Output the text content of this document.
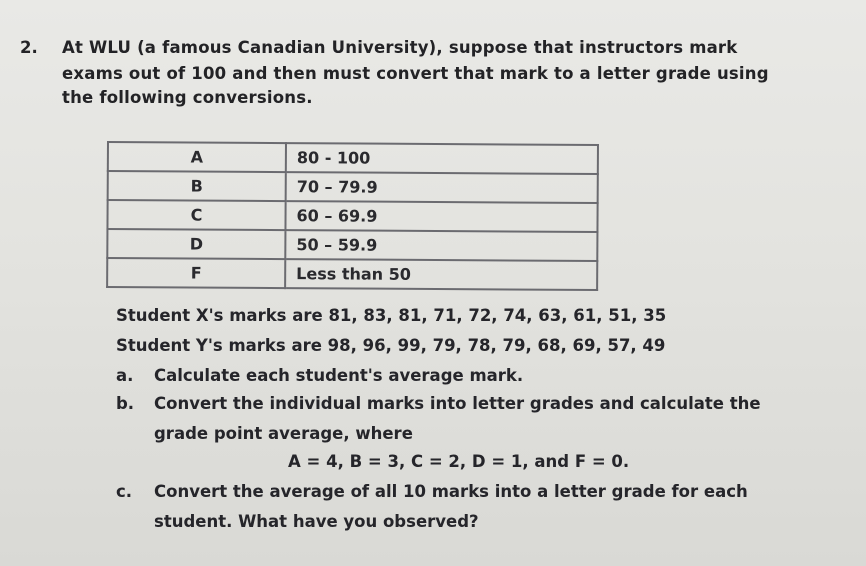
2. At WLU (a famous Canadian University), suppose that instructors mark
exams out of 100 and then must convert that mark to a letter grade using
the following conversions.
A	80 - 100
B	70 – 79.9
C	60 – 69.9
D	50 – 59.9
F	Less than 50
Student X's marks are 81, 83, 81, 71, 72, 74, 63, 61, 51, 35
Student Y's marks are 98, 96, 99, 79, 78, 79, 68, 69, 57, 49
a. Calculate each student's average mark.
b. Convert the individual marks into letter grades and calculate the
grade point average, where
A = 4, B = 3, C = 2, D = 1, and F = 0.
c. Convert the average of all 10 marks into a letter grade for each
student. What have you observed?
